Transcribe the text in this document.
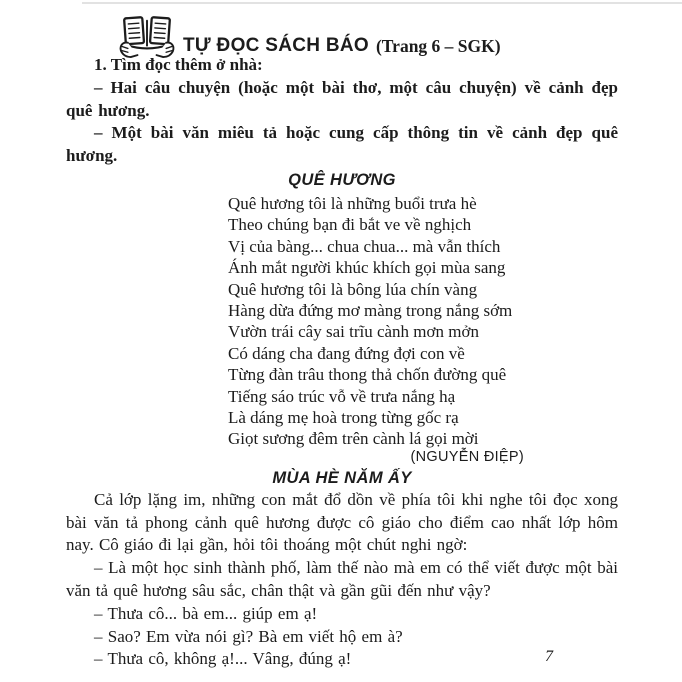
TỰ ĐỌC SÁCH BÁO (Trang 6 – SGK)

1. Tìm đọc thêm ở nhà:

– Hai câu chuyện (hoặc một bài thơ, một câu chuyện) về cảnh đẹp quê hương.

– Một bài văn miêu tả hoặc cung cấp thông tin về cảnh đẹp quê hương.

QUÊ HƯƠNG
Quê hương tôi là những buổi trưa hè
Theo chúng bạn đi bắt ve về nghịch
Vị của bàng... chua chua... mà vẫn thích
Ánh mắt người khúc khích gọi mùa sang
Quê hương tôi là bông lúa chín vàng
Hàng dừa đứng mơ màng trong nắng sớm
Vườn trái cây sai trĩu cành mơn mởn
Có dáng cha đang đứng đợi con về
Từng đàn trâu thong thả chốn đường quê
Tiếng sáo trúc vỗ về trưa nắng hạ
Là dáng mẹ hoà trong từng gốc rạ
Giọt sương đêm trên cành lá gọi mời

(NGUYỄN ĐIỆP)

MÙA HÈ NĂM ẤY

Cả lớp lặng im, những con mắt đổ dồn về phía tôi khi nghe tôi đọc xong bài văn tả phong cảnh quê hương được cô giáo cho điểm cao nhất lớp hôm nay. Cô giáo đi lại gần, hỏi tôi thoáng một chút nghi ngờ:

– Là một học sinh thành phố, làm thế nào mà em có thể viết được một bài văn tả quê hương sâu sắc, chân thật và gần gũi đến như vậy?

– Thưa cô... bà em... giúp em ạ!

– Sao? Em vừa nói gì? Bà em viết hộ em à?

– Thưa cô, không ạ!... Vâng, đúng ạ!	7
